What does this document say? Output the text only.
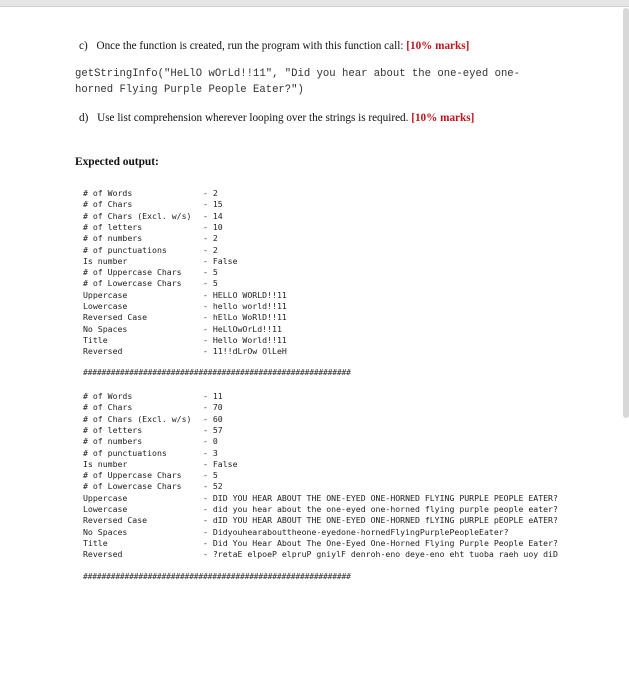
c) Once the function is created, run the program with this function call: [10% marks]
getStringInfo("HeLlO wOrLd!!11", "Did you hear about the one-eyed one-
horned Flying Purple People Eater?")
d) Use list comprehension wherever looping over the strings is required. [10% marks]
Expected output:
# of Words	- 2
# of Chars	- 15
# of Chars (Excl. w/s) - 14
# of letters	- 10
# of numbers	- 2
# of punctuations	- 2
Is number	- False
# of Uppercase Chars	- 5
# of Lowercase Chars	- 5
Uppercase	- HELLO WORLD!!11
Lowercase	- hello world!!11
Reversed Case	- hElLo WoRlD!!11
No Spaces	- HeLlOwOrLd!!11
Title	- Hello World!!11
Reversed	- 11!!dLrOw OlLeH
##########################################################
# of Words	- 11
# of Chars	- 70
# of Chars (Excl. w/s) - 60
# of letters	- 57
# of numbers	- 0
# of punctuations	- 3
Is number	- False
# of Uppercase Chars	- 5
# of Lowercase Chars	- 52
Uppercase	- DID YOU HEAR ABOUT THE ONE-EYED ONE-HORNED FLYING PURPLE PEOPLE EATER?
Lowercase	- did you hear about the one-eyed one-horned flying purple people eater?
Reversed Case	- dID YOU HEAR ABOUT THE ONE-EYED ONE-HORNED fLYING pURPLE pEOPLE eATER?
No Spaces	- Didyouhearabouttheone-eyedone-hornedFlyingPurplePeopleEater?
Title	- Did You Hear About The One-Eyed One-Horned Flying Purple People Eater?
Reversed	- ?retaE elpoeP elpruP gniylF denroh-eno deye-eno eht tuoba raeh uoy diD
##########################################################
